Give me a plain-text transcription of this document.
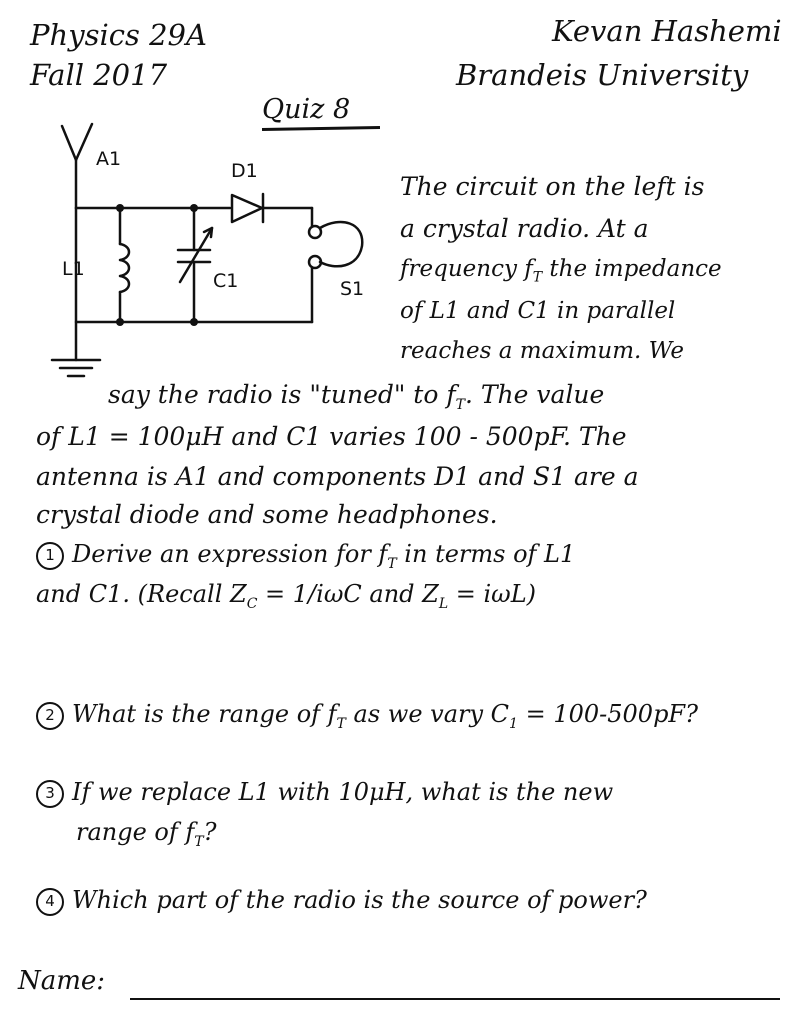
Physics 29A
Fall 2017
Kevan Hashemi
Brandeis University
Quiz 8
A1
D1
L1
C1	S1
The circuit on the left is
a crystal radio. At a
frequency $f_T$ the impedance
of L1 and C1 in parallel
reaches a maximum. We
say the radio is "tuned" to $f_T$. The value
of L1 = 100μH and C1 varies 100 - 500pF. The
antenna is A1 and components D1 and S1 are a
crystal diode and some headphones.
1 Derive an expression for $f_T$ in terms of L1
and C1. (Recall $Z_C = 1/i\omega C$ and $Z_L = i\omega L$)
2 What is the range of $f_T$ as we vary $C_1 = 100-500pF$?
3 If we replace L1 with 10μH, what is the new
range of $f_T$?
4 Which part of the radio is the source of power?
Name:
